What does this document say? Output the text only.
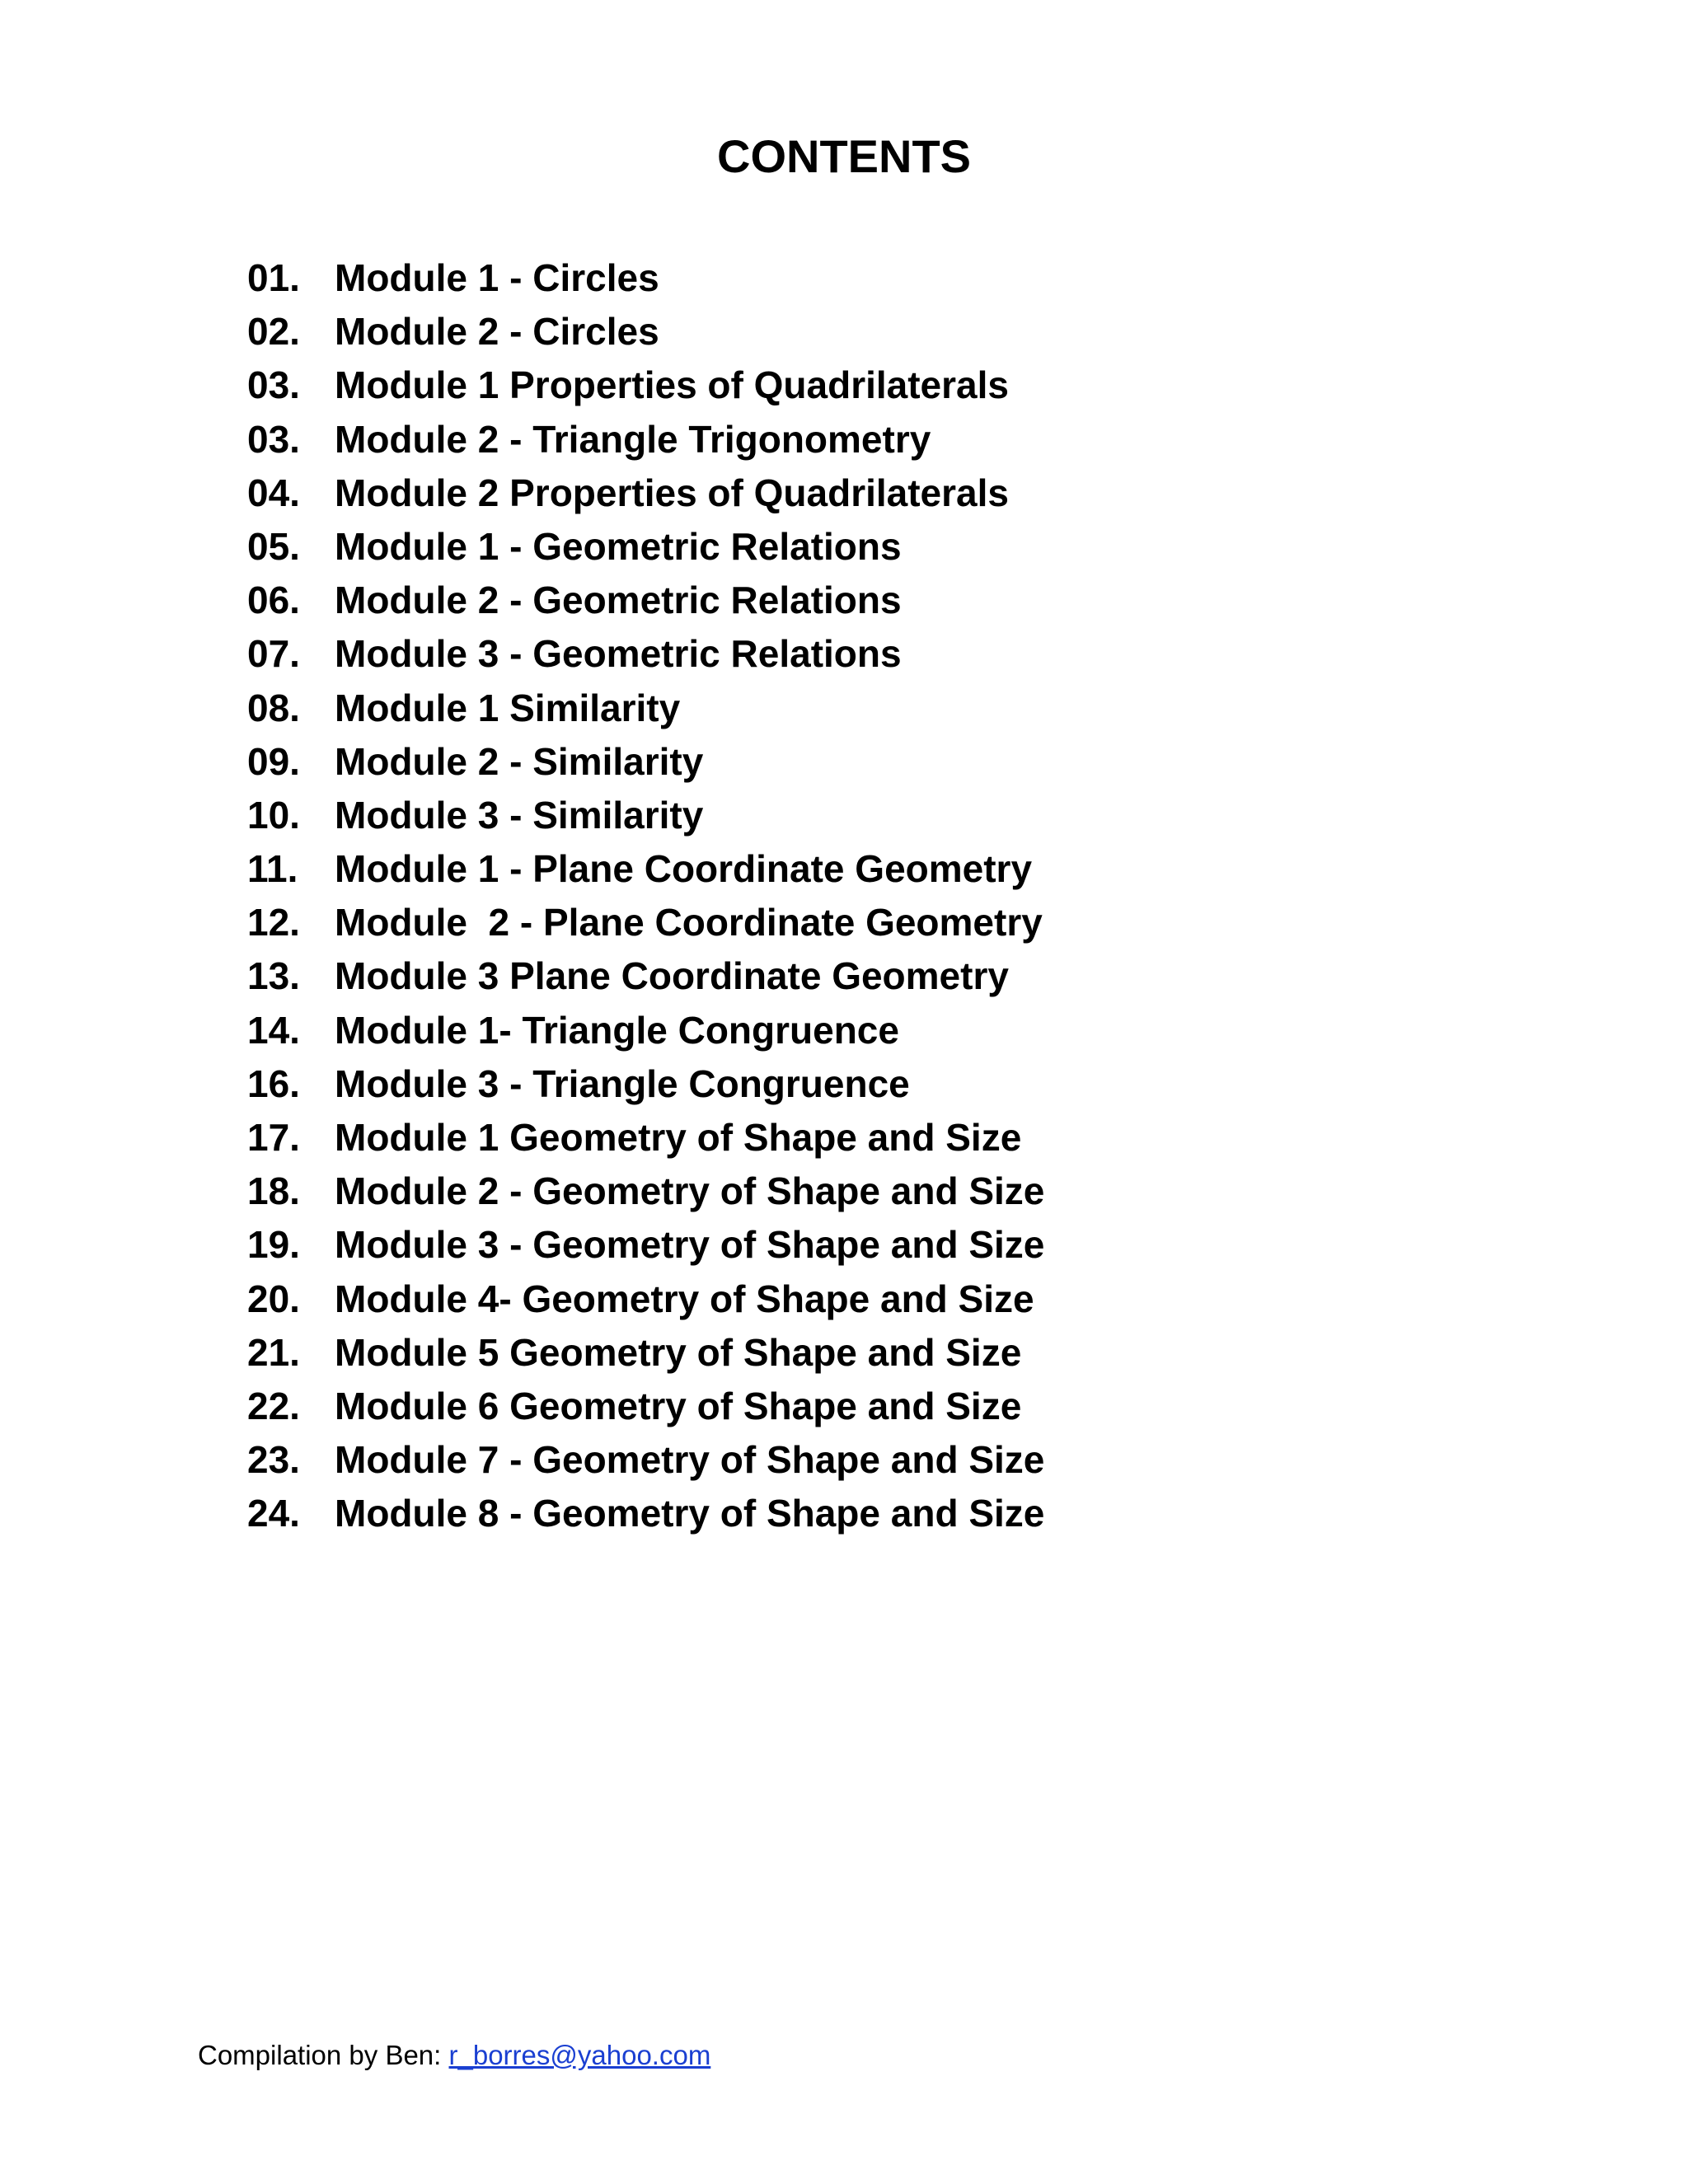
CONTENTS
01. Module 1 - Circles
02. Module 2 - Circles
03. Module 1 Properties of Quadrilaterals
03. Module 2 - Triangle Trigonometry
04. Module 2 Properties of Quadrilaterals
05. Module 1 - Geometric Relations
06. Module 2 - Geometric Relations
07. Module 3 - Geometric Relations
08. Module 1 Similarity
09. Module 2 - Similarity
10. Module 3 - Similarity
11. Module 1 - Plane Coordinate Geometry
12. Module  2 - Plane Coordinate Geometry
13. Module 3 Plane Coordinate Geometry
14. Module 1- Triangle Congruence
16. Module 3 - Triangle Congruence
17. Module 1 Geometry of Shape and Size
18. Module 2 - Geometry of Shape and Size
19. Module 3 - Geometry of Shape and Size
20. Module 4- Geometry of Shape and Size
21. Module 5 Geometry of Shape and Size
22. Module 6 Geometry of Shape and Size
23. Module 7 - Geometry of Shape and Size
24. Module 8 - Geometry of Shape and Size
Compilation by Ben: r_borres@yahoo.com
